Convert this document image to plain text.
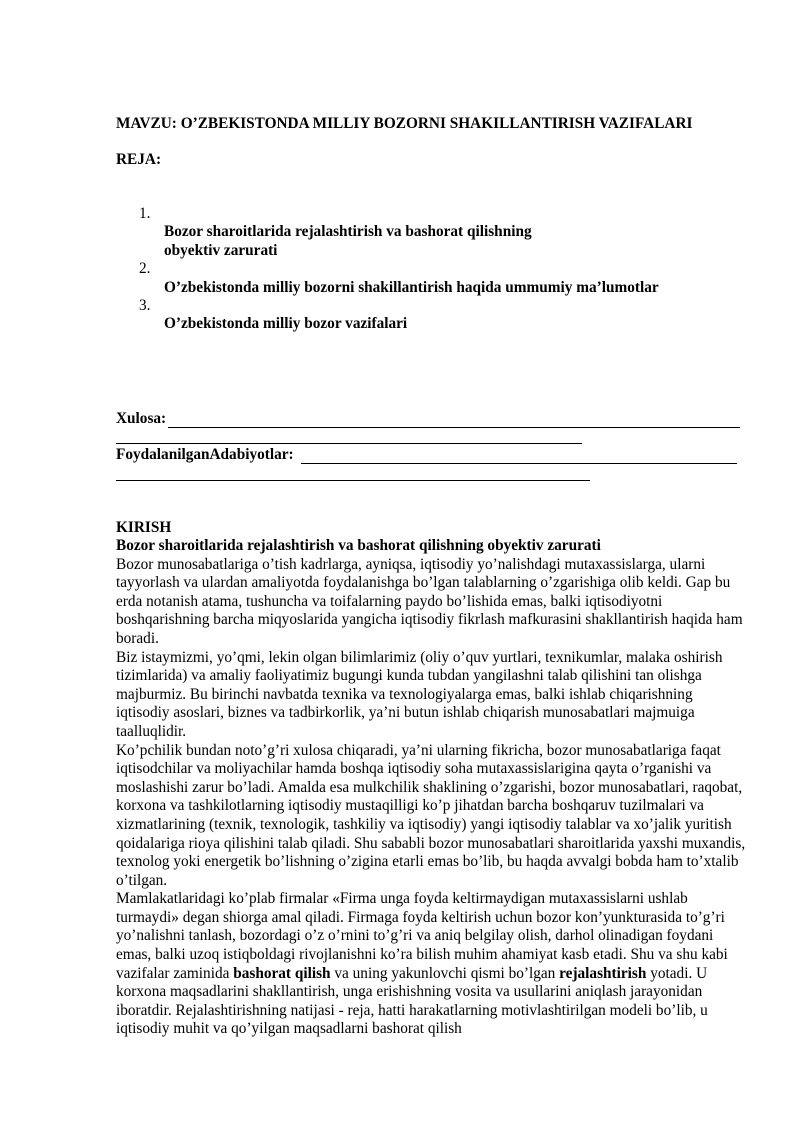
MAVZU: O’ZBEKISTONDA MILLIY BOZORNI SHAKILLANTIRISH VAZIFALARI
REJA:
1.
Bozor sharoitlarida rejalashtirish va bashorat qilishning
obyektiv zarurati
2.
O’zbekistonda milliy bozorni shakillantirish haqida ummumiy ma’lumotlar
3.
O’zbekistonda milliy bozor vazifalari
Xulosa:
FoydalanilganAdabiyotlar:
KIRISH

Bozor sharoitlarida rejalashtirish va bashorat qilishning obyektiv zarurati

Bozor munosabatlariga o’tish kadrlarga, ayniqsa, iqtisodiy yo’nalishdagi mutaxassislarga, ularni tayyorlash va ulardan amaliyotda foydalanishga bo’lgan talablarning o’zgarishiga olib keldi. Gap bu erda notanish atama, tushuncha va toifalarning paydo bo’lishida emas, balki iqtisodiyotni boshqarishning barcha miqyoslarida yangicha iqtisodiy fikrlash mafkurasini shakllantirish haqida ham boradi.

Biz istaymizmi, yo’qmi, lekin olgan bilimlarimiz (oliy o’quv yurtlari, texnikumlar, malaka oshirish tizimlarida) va amaliy faoliyatimiz bugungi kunda tubdan yangilashni talab qilishini tan olishga majburmiz. Bu birinchi navbatda texnika va texnologiyalarga emas, balki ishlab chiqarishning iqtisodiy asoslari, biznes va tadbirkorlik, ya’ni butun ishlab chiqarish munosabatlari majmuiga taalluqlidir.

Ko’pchilik bundan noto’g’ri xulosa chiqaradi, ya’ni ularning fikricha, bozor munosabatlariga faqat iqtisodchilar va moliyachilar hamda boshqa iqtisodiy soha mutaxassislarigina qayta o’rganishi va moslashishi zarur bo’ladi. Amalda esa mulkchilik shaklining o’zgarishi, bozor munosabatlari, raqobat, korxona va tashkilotlarning iqtisodiy mustaqilligi ko’p jihatdan barcha boshqaruv tuzilmalari va xizmatlarining (texnik, texnologik, tashkiliy va iqtisodiy) yangi iqtisodiy talablar va xo’jalik yuritish qoidalariga rioya qilishini talab qiladi. Shu sababli bozor munosabatlari sharoitlarida yaxshi muxandis, texnolog yoki energetik bo’lishning o’zigina etarli emas bo’lib, bu haqda avvalgi bobda ham to’xtalib o’tilgan.

Mamlakatlaridagi ko’plab firmalar «Firma unga foyda keltirmaydigan mutaxassislarni ushlab turmaydi» degan shiorga amal qiladi. Firmaga foyda keltirish uchun bozor kon’yunkturasida to’g’ri yo’nalishni tanlash, bozordagi o’z o’rnini to’g’ri va aniq belgilay olish, darhol olinadigan foydani emas, balki uzoq istiqboldagi rivojlanishni ko’ra bilish muhim ahamiyat kasb etadi. Shu va shu kabi vazifalar zaminida bashorat qilish va uning yakunlovchi qismi bo’lgan rejalashtirish yotadi. U korxona maqsadlarini shakllantirish, unga erishishning vosita va usullarini aniqlash jarayonidan iboratdir. Rejalashtirishning natijasi - reja, hatti harakatlarning motivlashtirilgan modeli bo’lib, u iqtisodiy muhit va qo’yilgan maqsadlarni bashorat qilish
